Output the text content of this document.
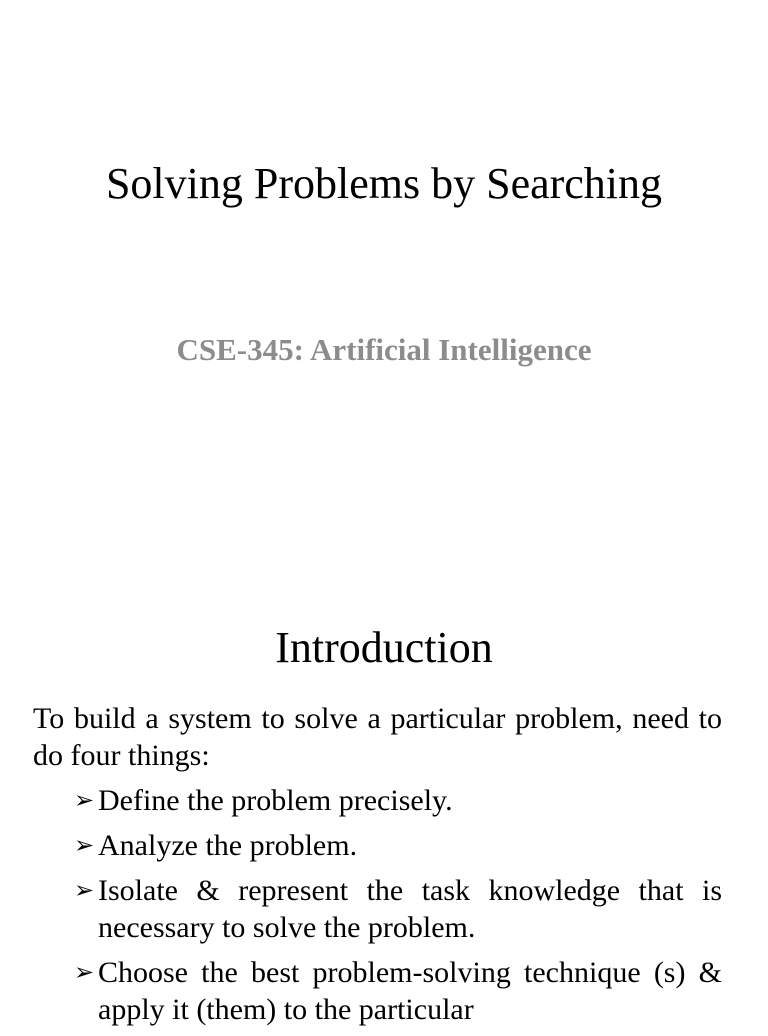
Solving Problems by Searching
CSE-345: Artificial Intelligence
Introduction

To build a system to solve a particular problem, need to do four things:

➢ Define the problem precisely.
➢ Analyze the problem.
➢ Isolate & represent the task knowledge that is necessary to solve the problem.
➢ Choose the best problem-solving technique (s) & apply it (them) to the particular
